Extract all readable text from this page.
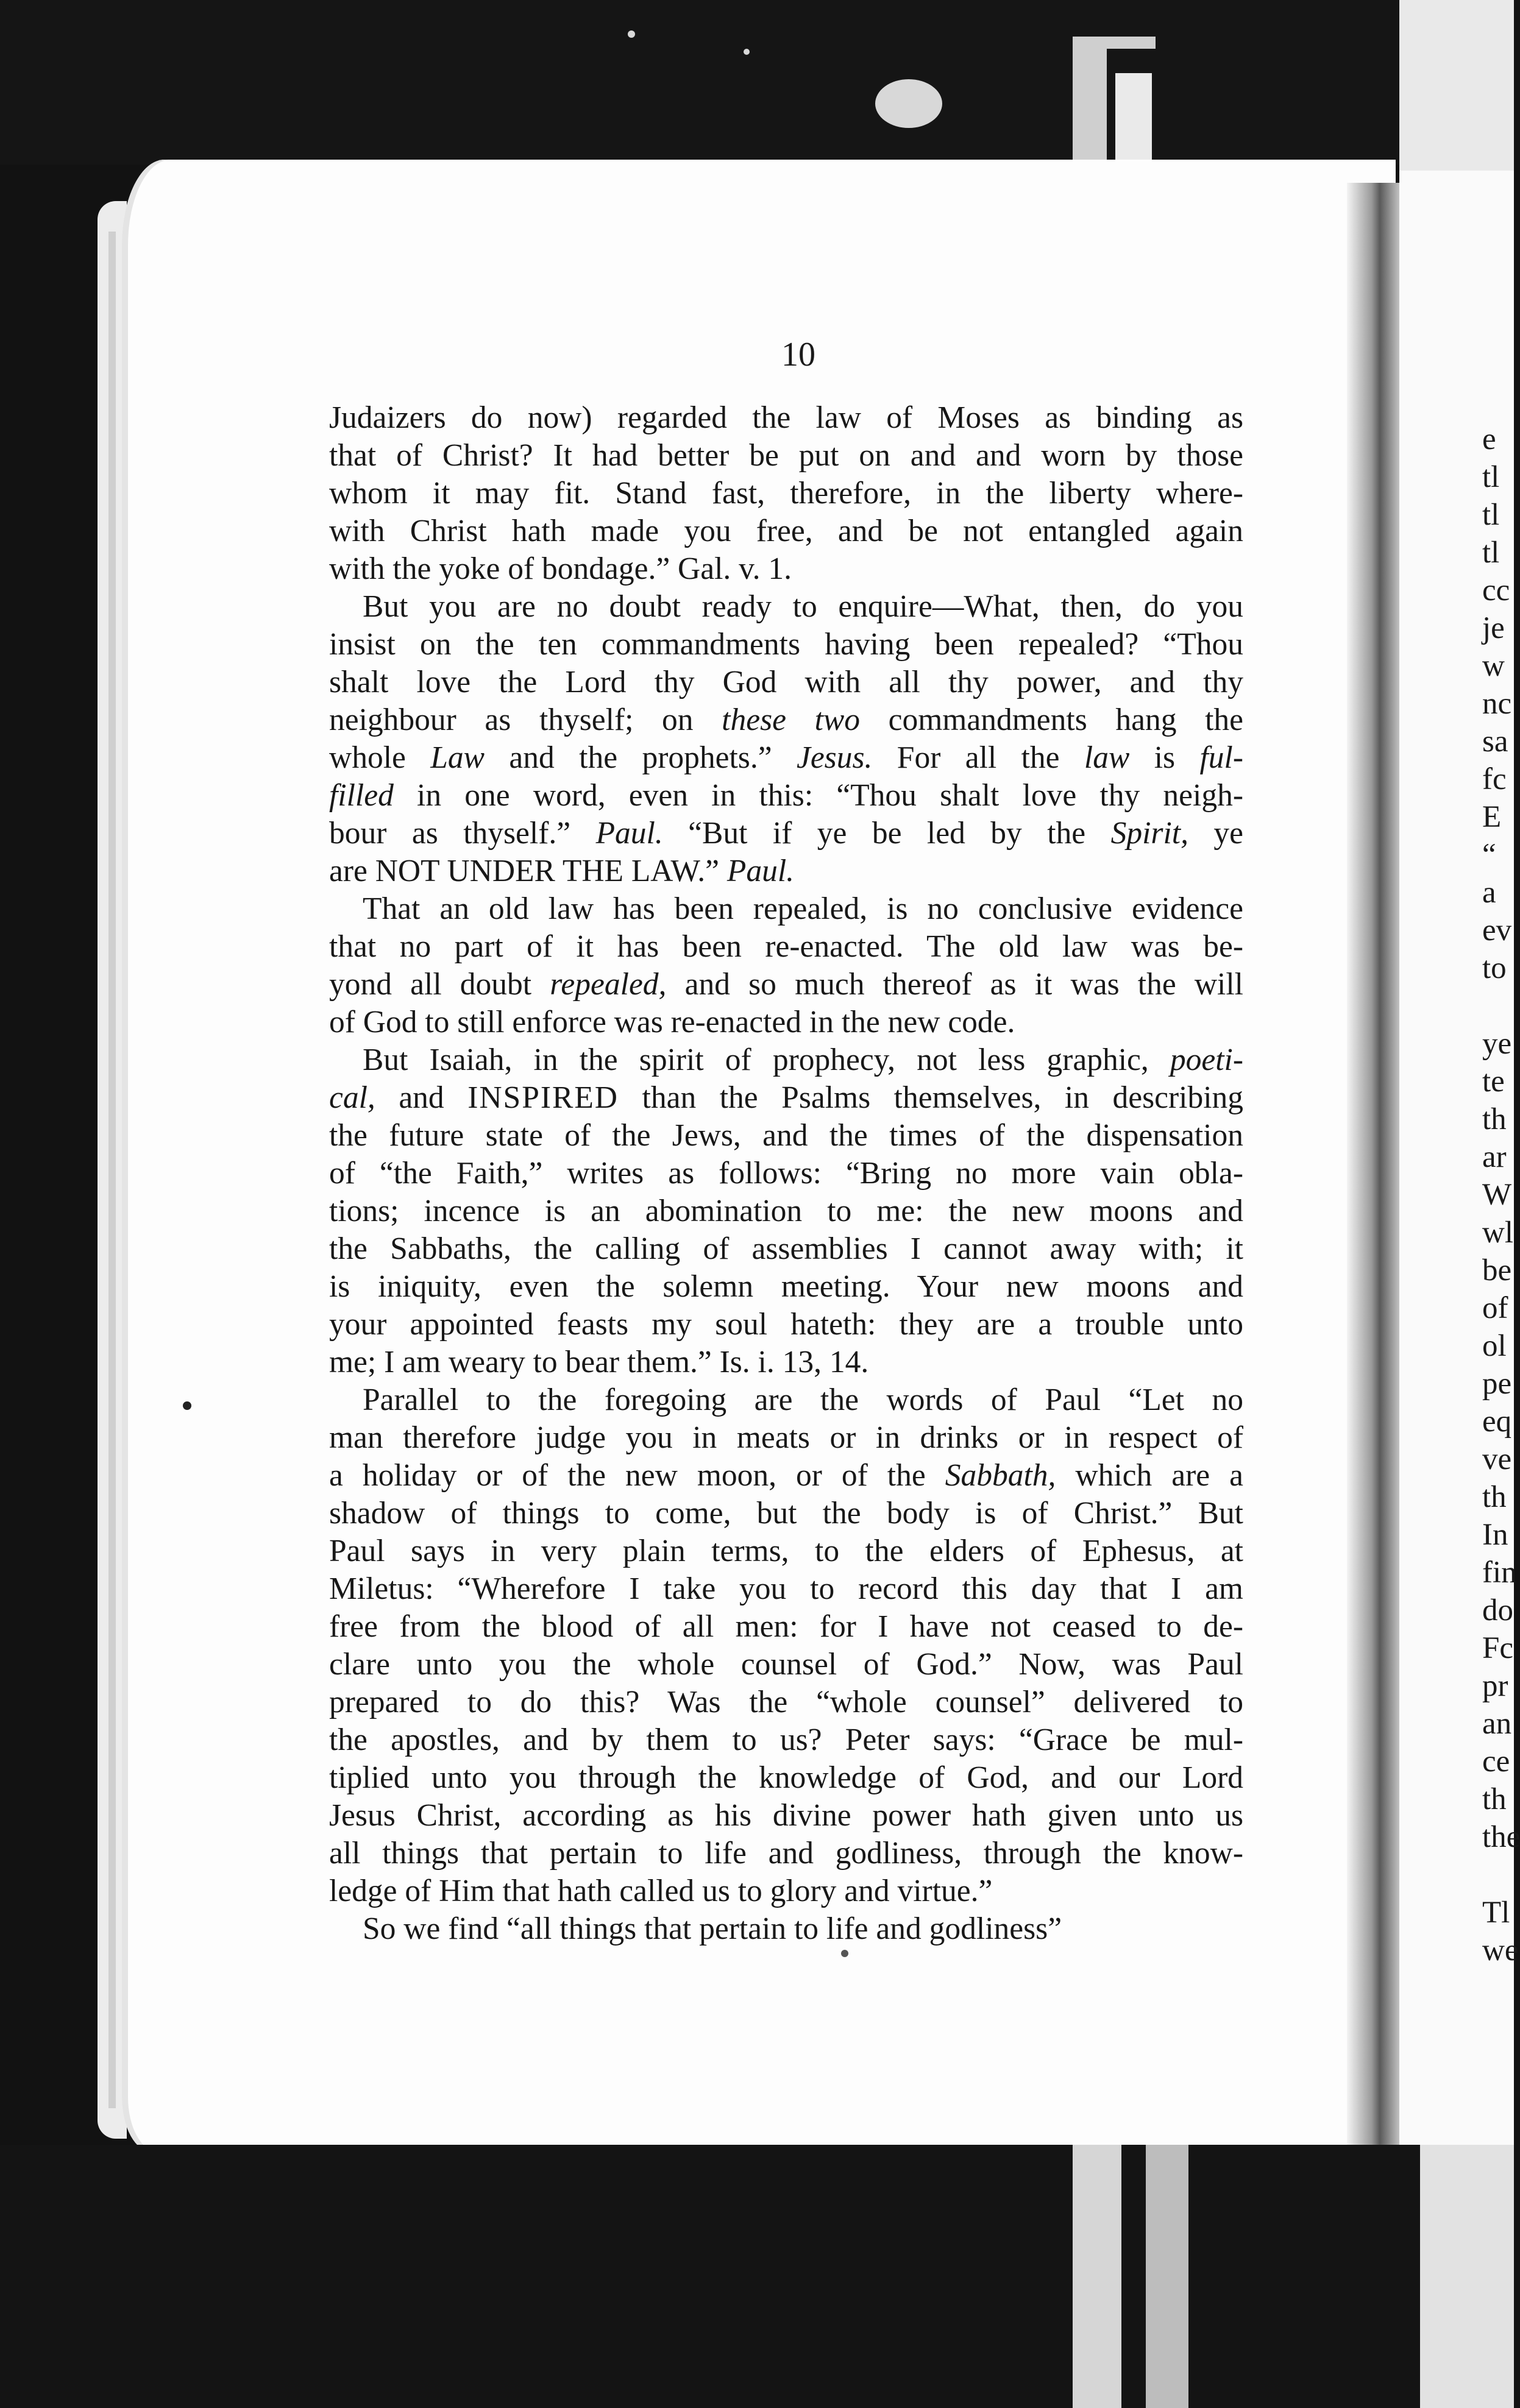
10
Judaizers do now) regarded the law of Moses as binding as
that of Christ? It had better be put on and and worn by those
whom it may fit. Stand fast, therefore, in the liberty where-
with Christ hath made you free, and be not entangled again
with the yoke of bondage.” Gal. v. 1.
But you are no doubt ready to enquire—What, then, do you
insist on the ten commandments having been repealed? “Thou
shalt love the Lord thy God with all thy power, and thy
neighbour as thyself; on these two commandments hang the
whole Law and the prophets.” Jesus. For all the law is ful-
filled in one word, even in this: “Thou shalt love thy neigh-
bour as thyself.” Paul. “But if ye be led by the Spirit, ye
are NOT UNDER THE LAW.” Paul.
That an old law has been repealed, is no conclusive evidence
that no part of it has been re-enacted. The old law was be-
yond all doubt repealed, and so much thereof as it was the will
of God to still enforce was re-enacted in the new code.
But Isaiah, in the spirit of prophecy, not less graphic, poeti-
cal, and INSPIRED than the Psalms themselves, in describing
the future state of the Jews, and the times of the dispensation
of “the Faith,” writes as follows: “Bring no more vain obla-
tions; incence is an abomination to me: the new moons and
the Sabbaths, the calling of assemblies I cannot away with; it
is iniquity, even the solemn meeting. Your new moons and
your appointed feasts my soul hateth: they are a trouble unto
me; I am weary to bear them.” Is. i. 13, 14.
Parallel to the foregoing are the words of Paul “Let no
man therefore judge you in meats or in drinks or in respect of
a holiday or of the new moon, or of the Sabbath, which are a
shadow of things to come, but the body is of Christ.” But
Paul says in very plain terms, to the elders of Ephesus, at
Miletus: “Wherefore I take you to record this day that I am
free from the blood of all men: for I have not ceased to de-
clare unto you the whole counsel of God.” Now, was Paul
prepared to do this? Was the “whole counsel” delivered to
the apostles, and by them to us? Peter says: “Grace be mul-
tiplied unto you through the knowledge of God, and our Lord
Jesus Christ, according as his divine power hath given unto us
all things that pertain to life and godliness, through the know-
ledge of Him that hath called us to glory and virtue.”
So we find “all things that pertain to life and godliness”
e
tl
tl
tl
cc
je
w
nc
sa
fc
E
“
a
ev
to

ye
te
th
ar
W
wl
be
of
ol
pe
eq
ve
th
In
fin
do
Fc
pr
an
ce
th
the

Tl
we
